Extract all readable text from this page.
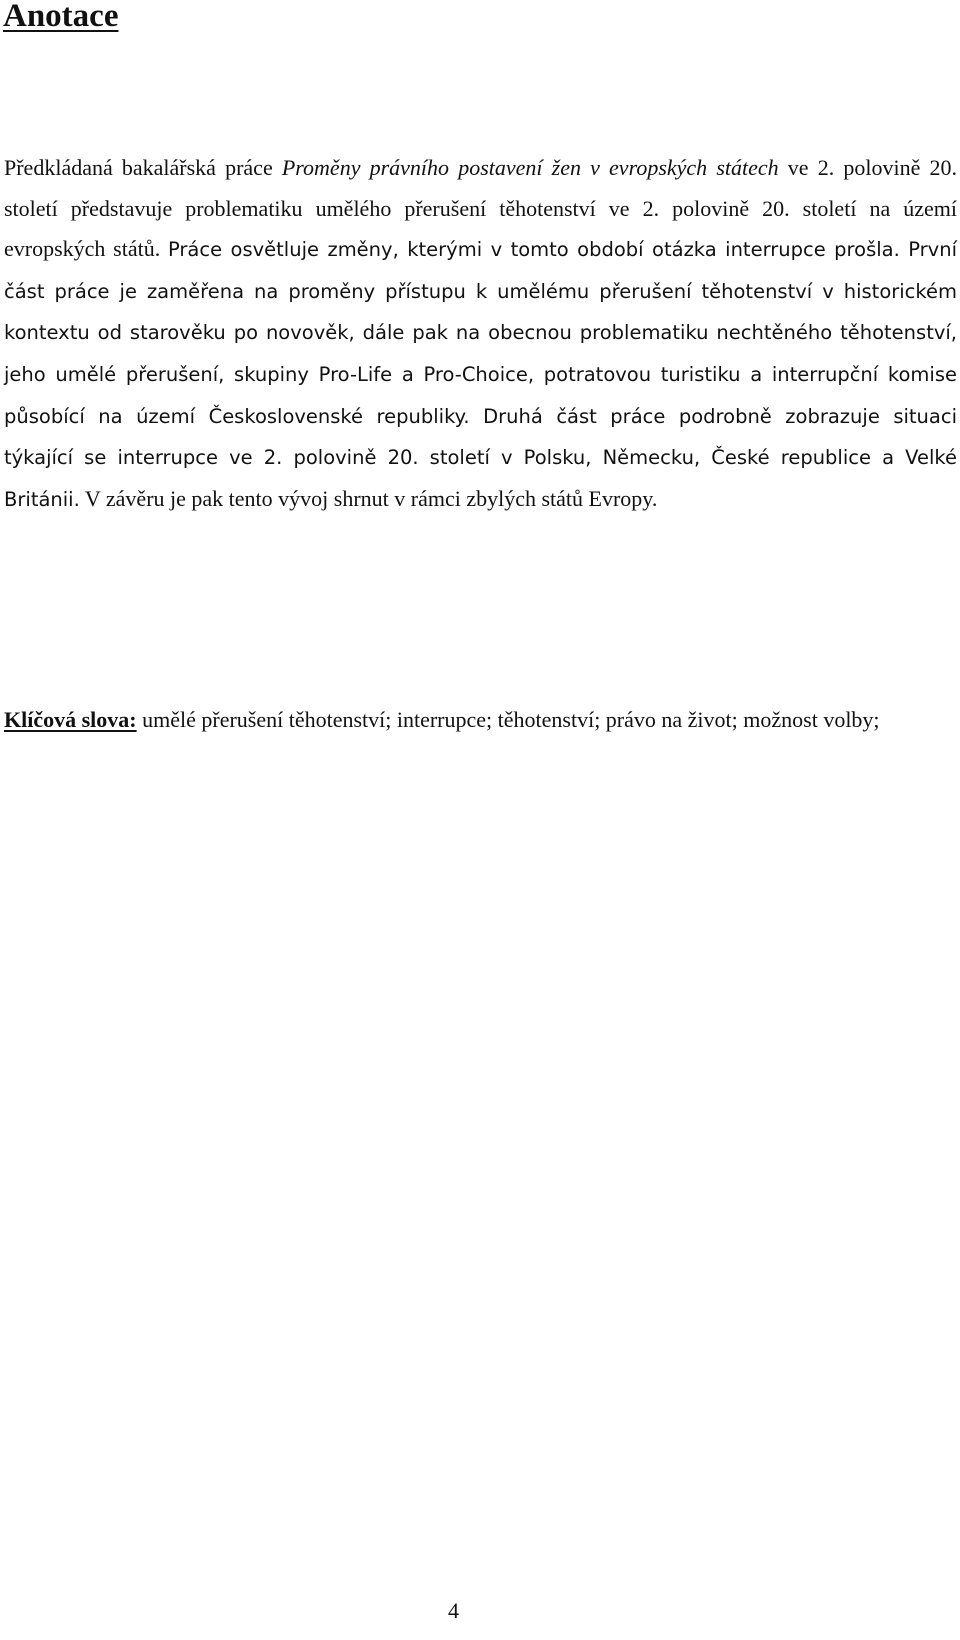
Anotace

Předkládaná bakalářská práce Proměny právního postavení žen v evropských státech ve 2. polovině 20. století představuje problematiku umělého přerušení těhotenství ve 2. polovině 20. století na území evropských států. Práce osvětluje změny, kterými v tomto období otázka interrupce prošla. První část práce je zaměřena na proměny přístupu k umělému přerušení těhotenství v historickém kontextu od starověku po novověk, dále pak na obecnou problematiku nechtěného těhotenství, jeho umělé přerušení, skupiny Pro-Life a Pro-Choice, potratovou turistiku a interrupční komise působící na území Československé republiky. Druhá část práce podrobně zobrazuje situaci týkající se interrupce ve 2. polovině 20. století v Polsku, Německu, České republice a Velké Británii. V závěru je pak tento vývoj shrnut v rámci zbylých států Evropy.

Klíčová slova: umělé přerušení těhotenství; interrupce; těhotenství; právo na život; možnost volby;

4
